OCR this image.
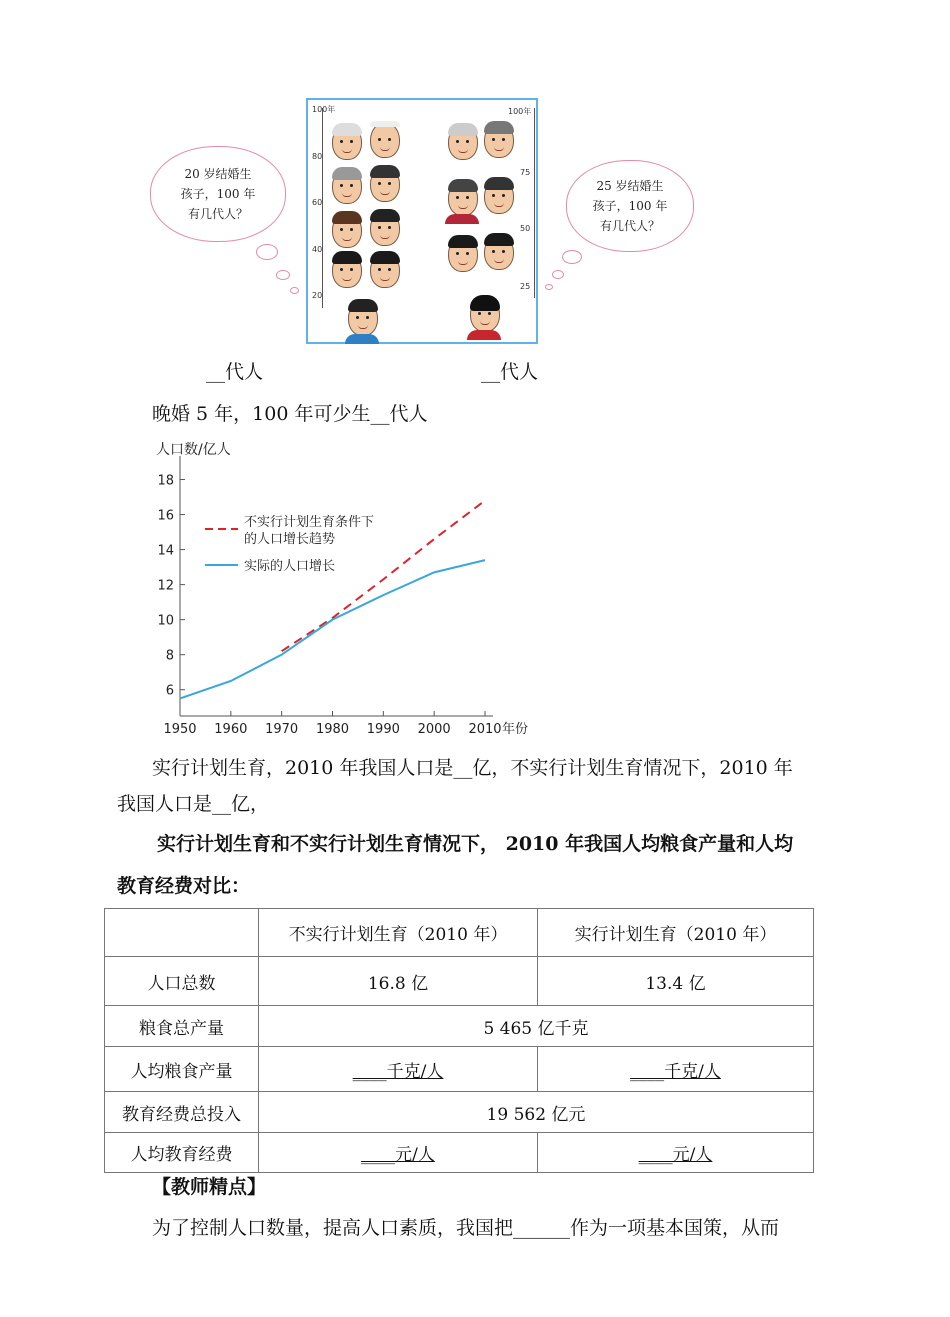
100年
80
60
40
20
100年
75
50
25
20 岁结婚生
孩子，100 年
有几代人？
25 岁结婚生
孩子，100 年
有几代人？
__代人	__代人
晚婚 5 年，100 年可少生__代人
6
8
10
12
14
16
18
1950 1960 1970 1980 1990 2000 2010
不实行计划生育条件下
的人口增长趋势
实际的人口增长
人口数/亿人
年份
实行计划生育，2010 年我国人口是__亿，不实行计划生育情况下，2010 年
我国人口是__亿，
实行计划生育和不实行计划生育情况下， 2010 年我国人均粮食产量和人均
教育经费对比：
	不实行计划生育（2010 年）	实行计划生育（2010 年）
人口总数	16.8 亿	13.4 亿
粮食总产量	5 465 亿千克	
人均粮食产量	____千克/人	____千克/人
教育经费总投入	19 562 亿元	
人均教育经费	____元/人	____元/人
【教师精点】
为了控制人口数量，提高人口素质，我国把______作为一项基本国策，从而
